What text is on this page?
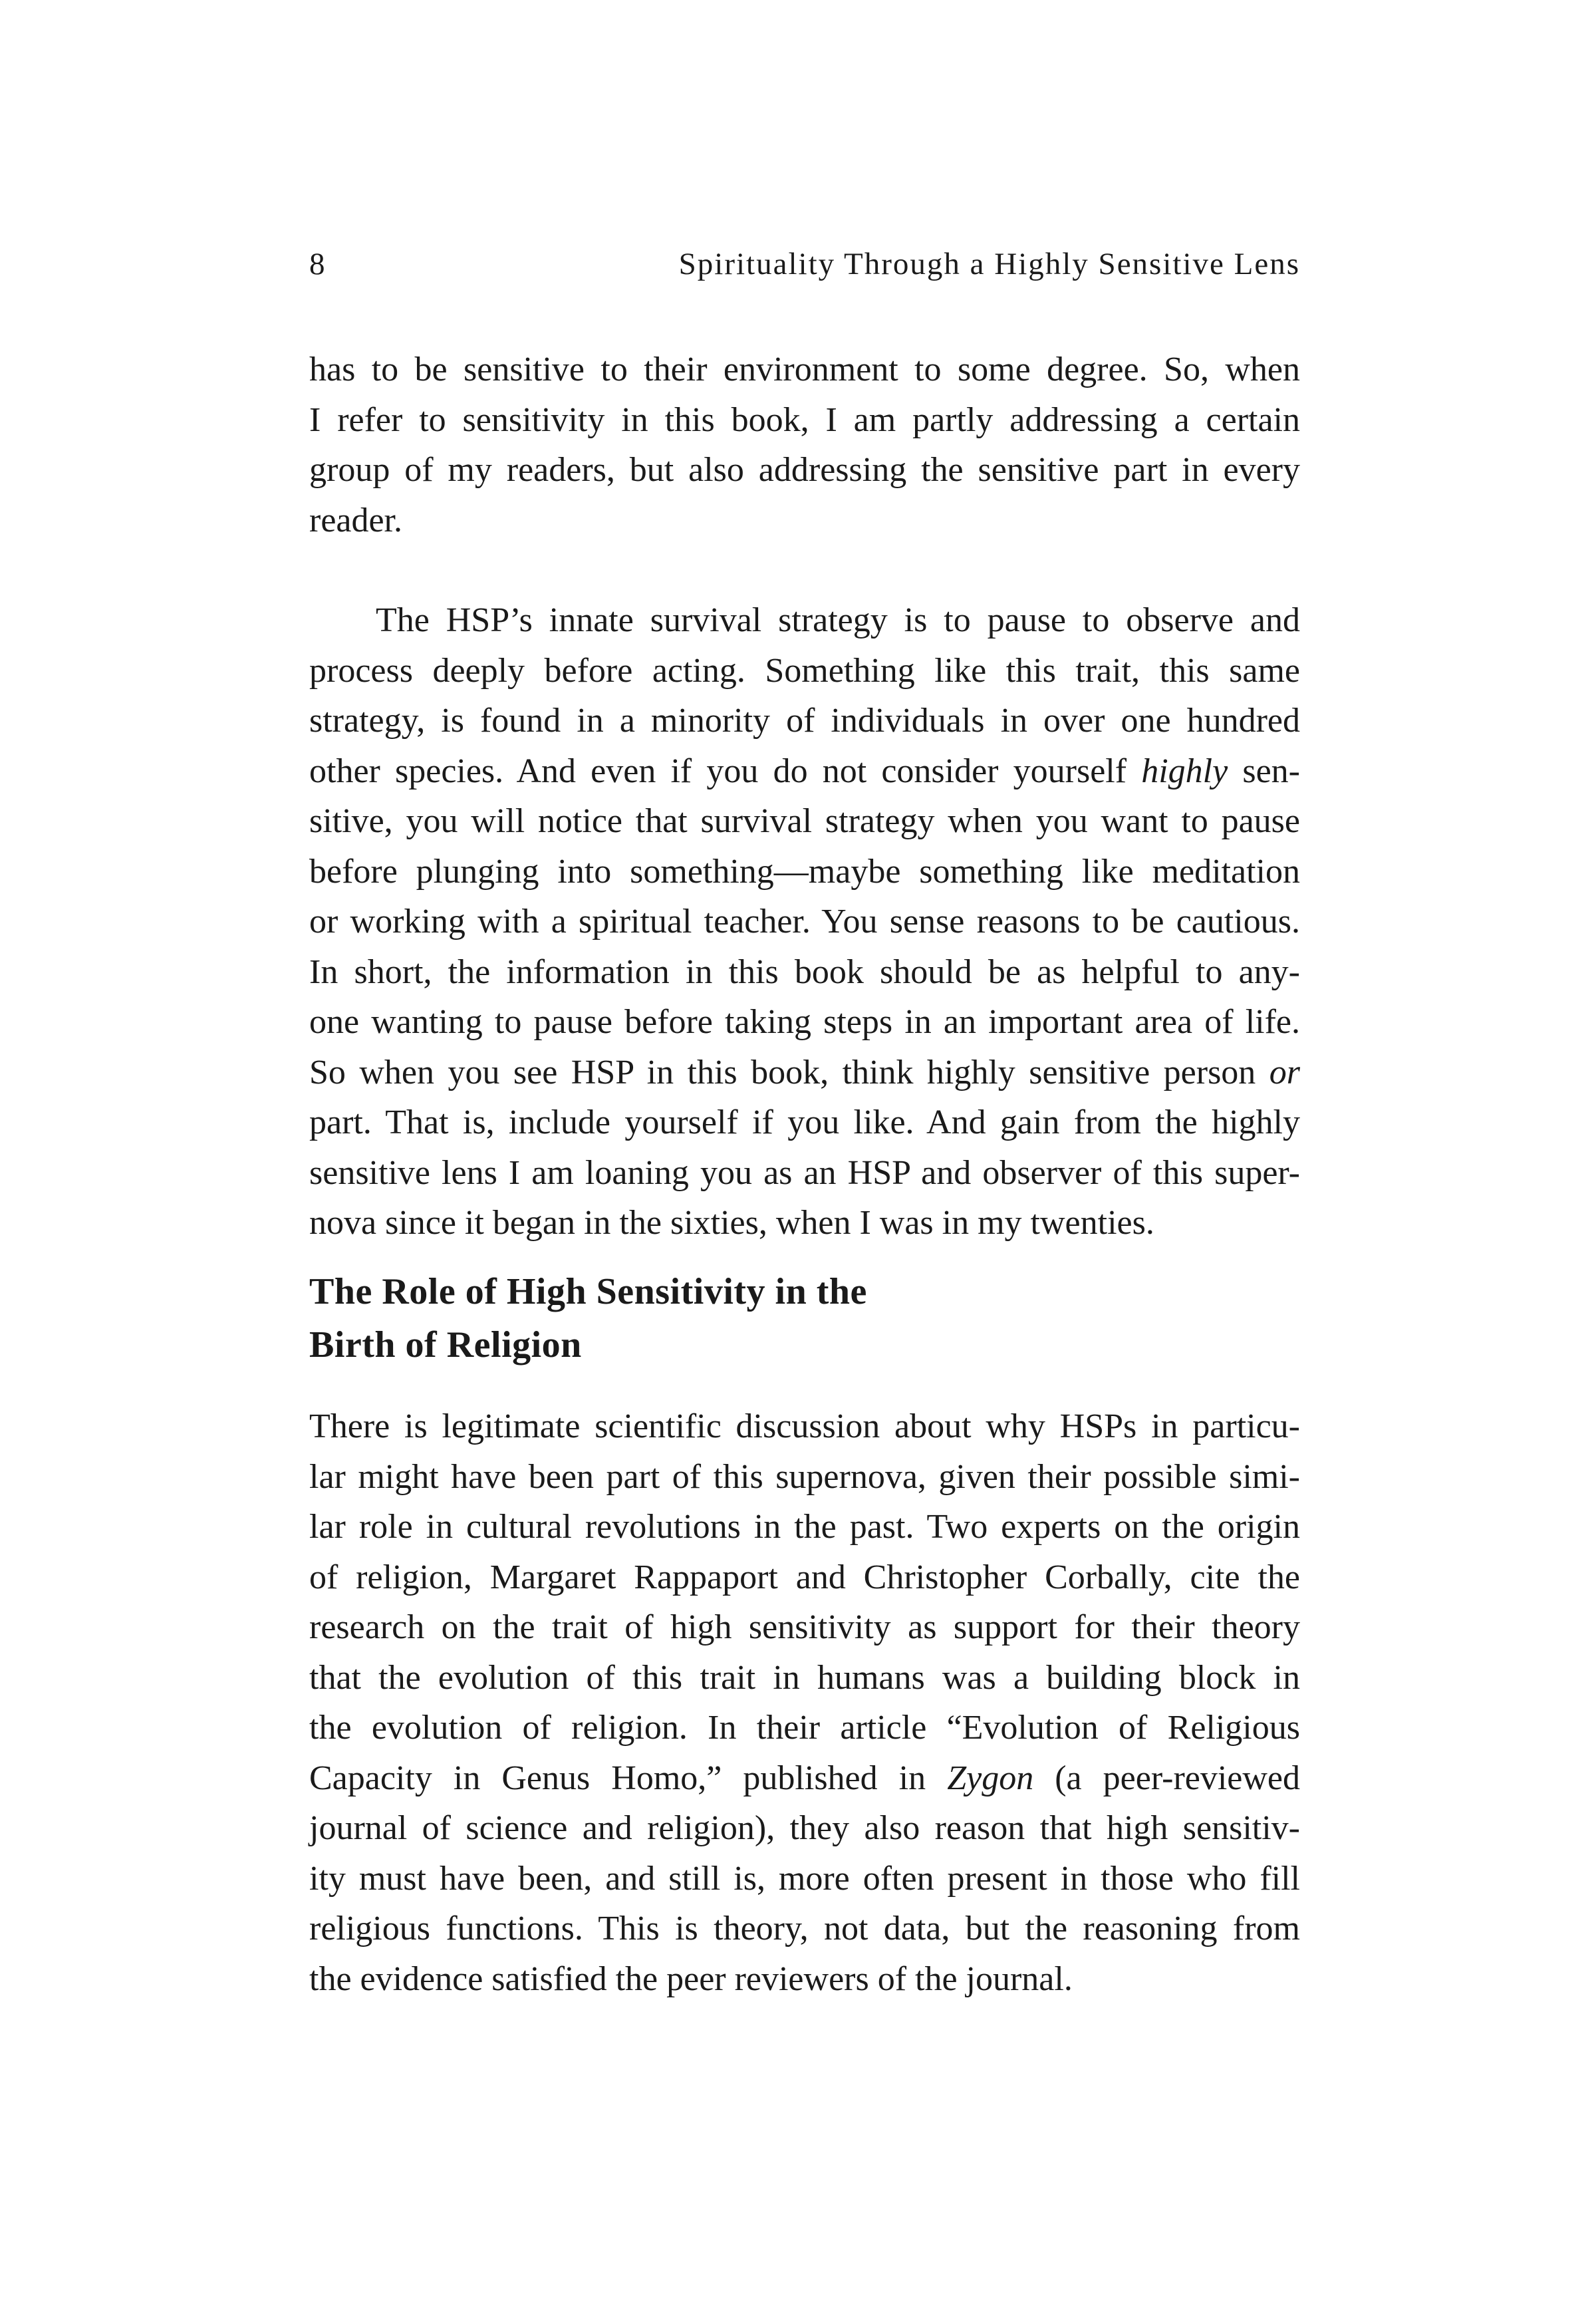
8	Spirituality Through a Highly Sensitive Lens
has to be sensitive to their environment to some degree. So, when
I refer to sensitivity in this book, I am partly addressing a certain
group of my readers, but also addressing the sensitive part in every
reader.
The HSP’s innate survival strategy is to pause to observe and
process deeply before acting. Something like this trait, this same
strategy, is found in a minority of individuals in over one hundred
other species. And even if you do not consider yourself highly sen-
sitive, you will notice that survival strategy when you want to pause
before plunging into something—maybe something like meditation
or working with a spiritual teacher. You sense reasons to be cautious.
In short, the information in this book should be as helpful to any-
one wanting to pause before taking steps in an important area of life.
So when you see HSP in this book, think highly sensitive person or
part. That is, include yourself if you like. And gain from the highly
sensitive lens I am loaning you as an HSP and observer of this super-
nova since it began in the sixties, when I was in my twenties.
The Role of High Sensitivity in the
Birth of Religion
There is legitimate scientific discussion about why HSPs in particu-
lar might have been part of this supernova, given their possible simi-
lar role in cultural revolutions in the past. Two experts on the origin
of religion, Margaret Rappaport and Christopher Corbally, cite the
research on the trait of high sensitivity as support for their theory
that the evolution of this trait in humans was a building block in
the evolution of religion. In their article “Evolution of Religious
Capacity in Genus Homo,” published in Zygon (a peer-reviewed
journal of science and religion), they also reason that high sensitiv-
ity must have been, and still is, more often present in those who fill
religious functions. This is theory, not data, but the reasoning from
the evidence satisfied the peer reviewers of the journal.
